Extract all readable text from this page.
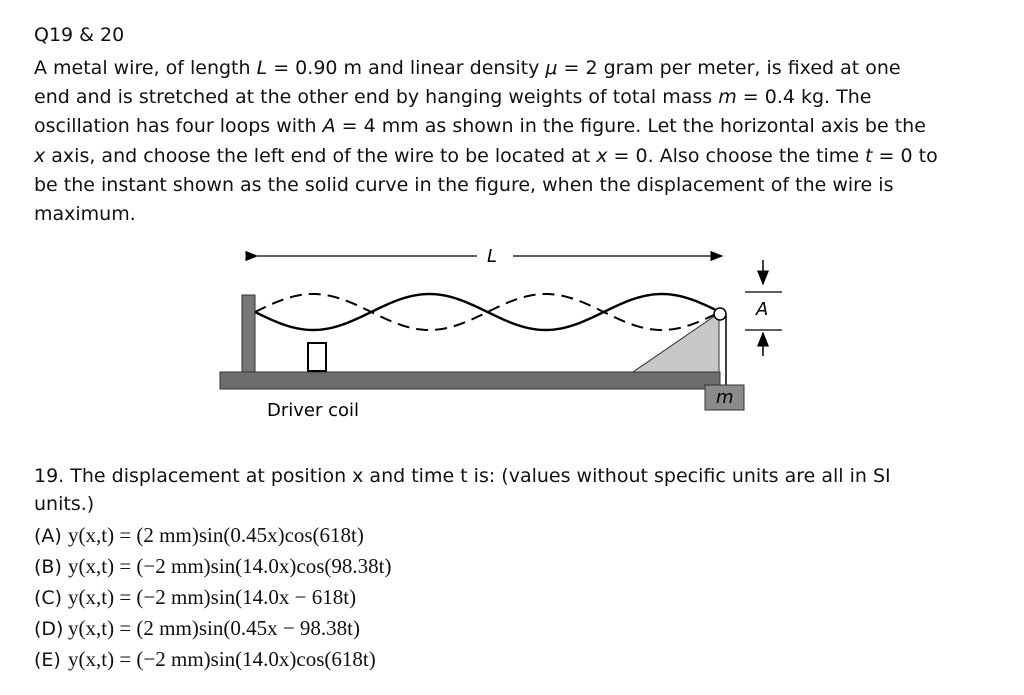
Q19 & 20
A metal wire, of length L = 0.90 m and linear density μ = 2 gram per meter, is fixed at one end and is stretched at the other end by hanging weights of total mass m = 0.4 kg. The oscillation has four loops with A = 4 mm as shown in the figure. Let the horizontal axis be the x axis, and choose the left end of the wire to be located at x = 0. Also choose the time t = 0 to be the instant shown as the solid curve in the figure, when the displacement of the wire is maximum.
L
Driver coil
m
A
19. The displacement at position x and time t is: (values without specific units are all in SI units.)
(A) y(x,t) = (2 mm)sin(0.45x)cos(618t)
(B) y(x,t) = (−2 mm)sin(14.0x)cos(98.38t)
(C) y(x,t) = (−2 mm)sin(14.0x − 618t)
(D) y(x,t) = (2 mm)sin(0.45x − 98.38t)
(E) y(x,t) = (−2 mm)sin(14.0x)cos(618t)
